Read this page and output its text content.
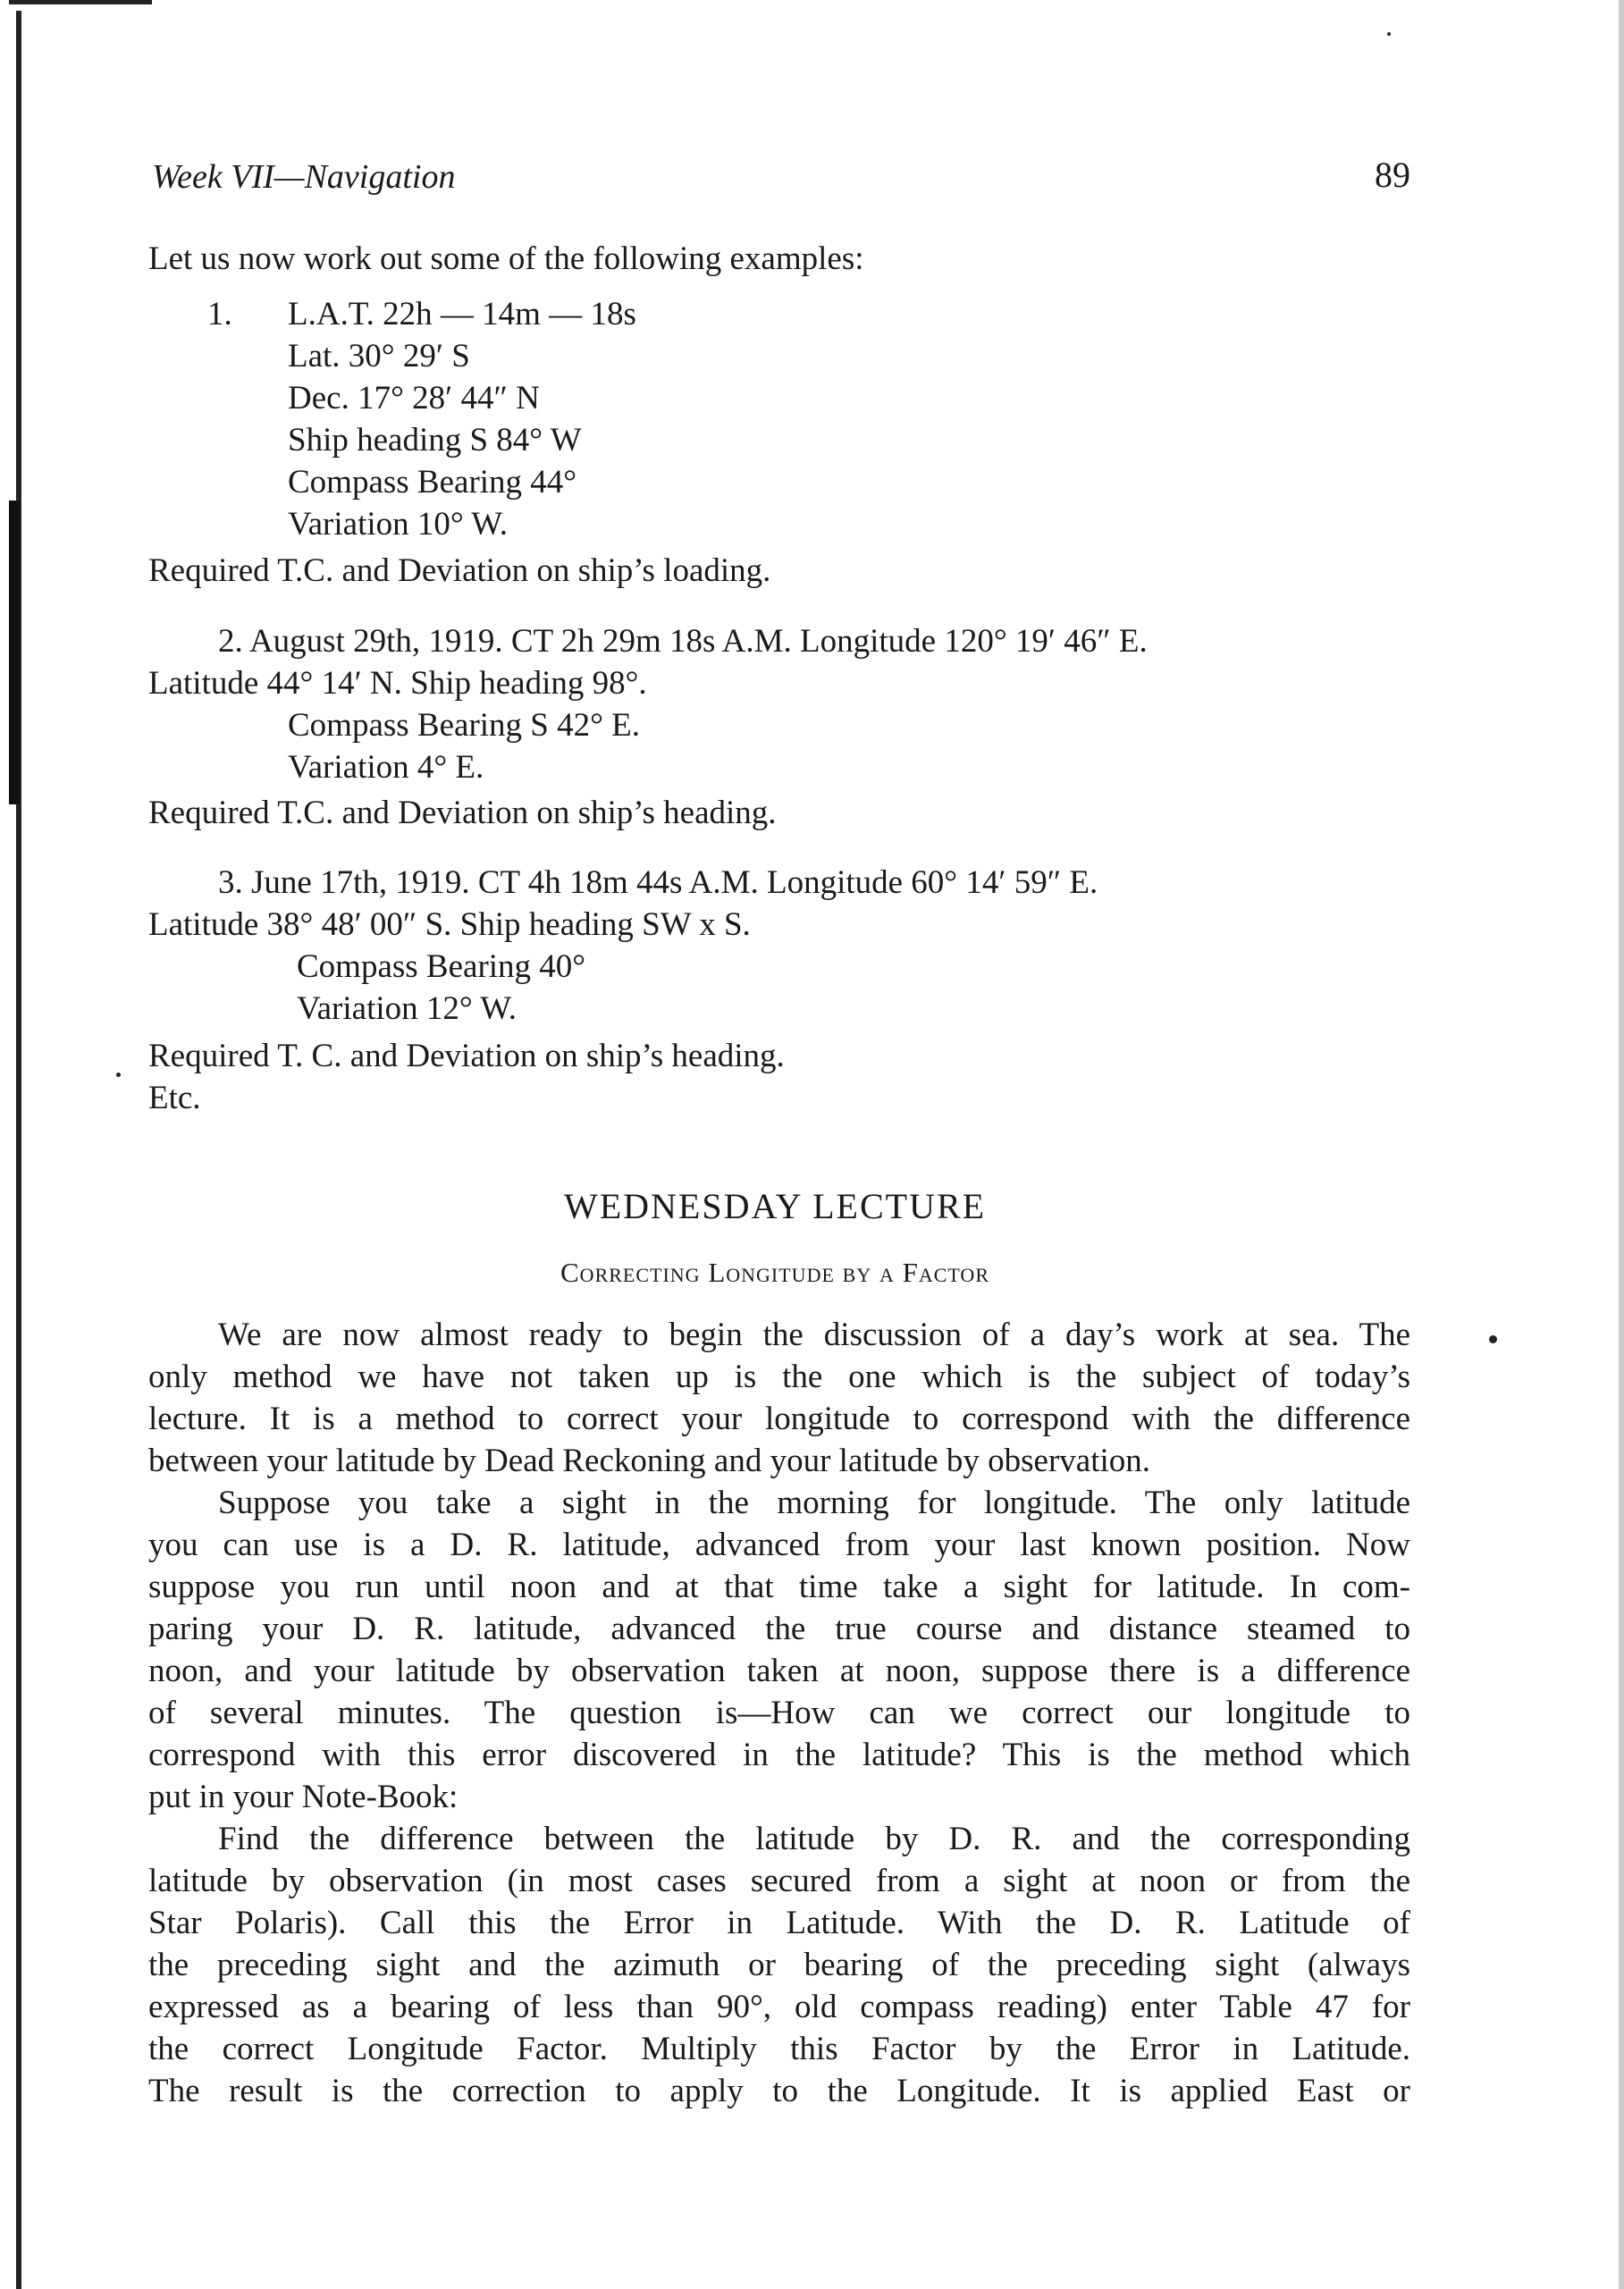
Week VII—Navigation	89
Let us now work out some of the following examples:
1. L.A.T. 22h — 14m — 18s
Lat. 30° 29′ S
Dec. 17° 28′ 44″ N
Ship heading S 84° W
Compass Bearing 44°
Variation 10° W.
Required T.C. and Deviation on ship’s loading.
2. August 29th, 1919. CT 2h 29m 18s A.M. Longitude 120° 19′ 46″ E.
Latitude 44° 14′ N. Ship heading 98°.
Compass Bearing S 42° E.
Variation 4° E.
Required T.C. and Deviation on ship’s heading.
3. June 17th, 1919. CT 4h 18m 44s A.M. Longitude 60° 14′ 59″ E.
Latitude 38° 48′ 00″ S. Ship heading SW x S.
Compass Bearing 40°
Variation 12° W.
Required T. C. and Deviation on ship’s heading.
Etc.
WEDNESDAY LECTURE
Correcting Longitude by a Factor
We are now almost ready to begin the discussion of a day’s work at sea. The
only method we have not taken up is the one which is the subject of today’s
lecture. It is a method to correct your longitude to correspond with the difference
between your latitude by Dead Reckoning and your latitude by observation.
Suppose you take a sight in the morning for longitude. The only latitude
you can use is a D. R. latitude, advanced from your last known position. Now
suppose you run until noon and at that time take a sight for latitude. In com-
paring your D. R. latitude, advanced the true course and distance steamed to
noon, and your latitude by observation taken at noon, suppose there is a difference
of several minutes. The question is—How can we correct our longitude to
correspond with this error discovered in the latitude? This is the method which
put in your Note-Book:
Find the difference between the latitude by D. R. and the corresponding
latitude by observation (in most cases secured from a sight at noon or from the
Star Polaris). Call this the Error in Latitude. With the D. R. Latitude of
the preceding sight and the azimuth or bearing of the preceding sight (always
expressed as a bearing of less than 90°, old compass reading) enter Table 47 for
the correct Longitude Factor. Multiply this Factor by the Error in Latitude.
The result is the correction to apply to the Longitude. It is applied East or
